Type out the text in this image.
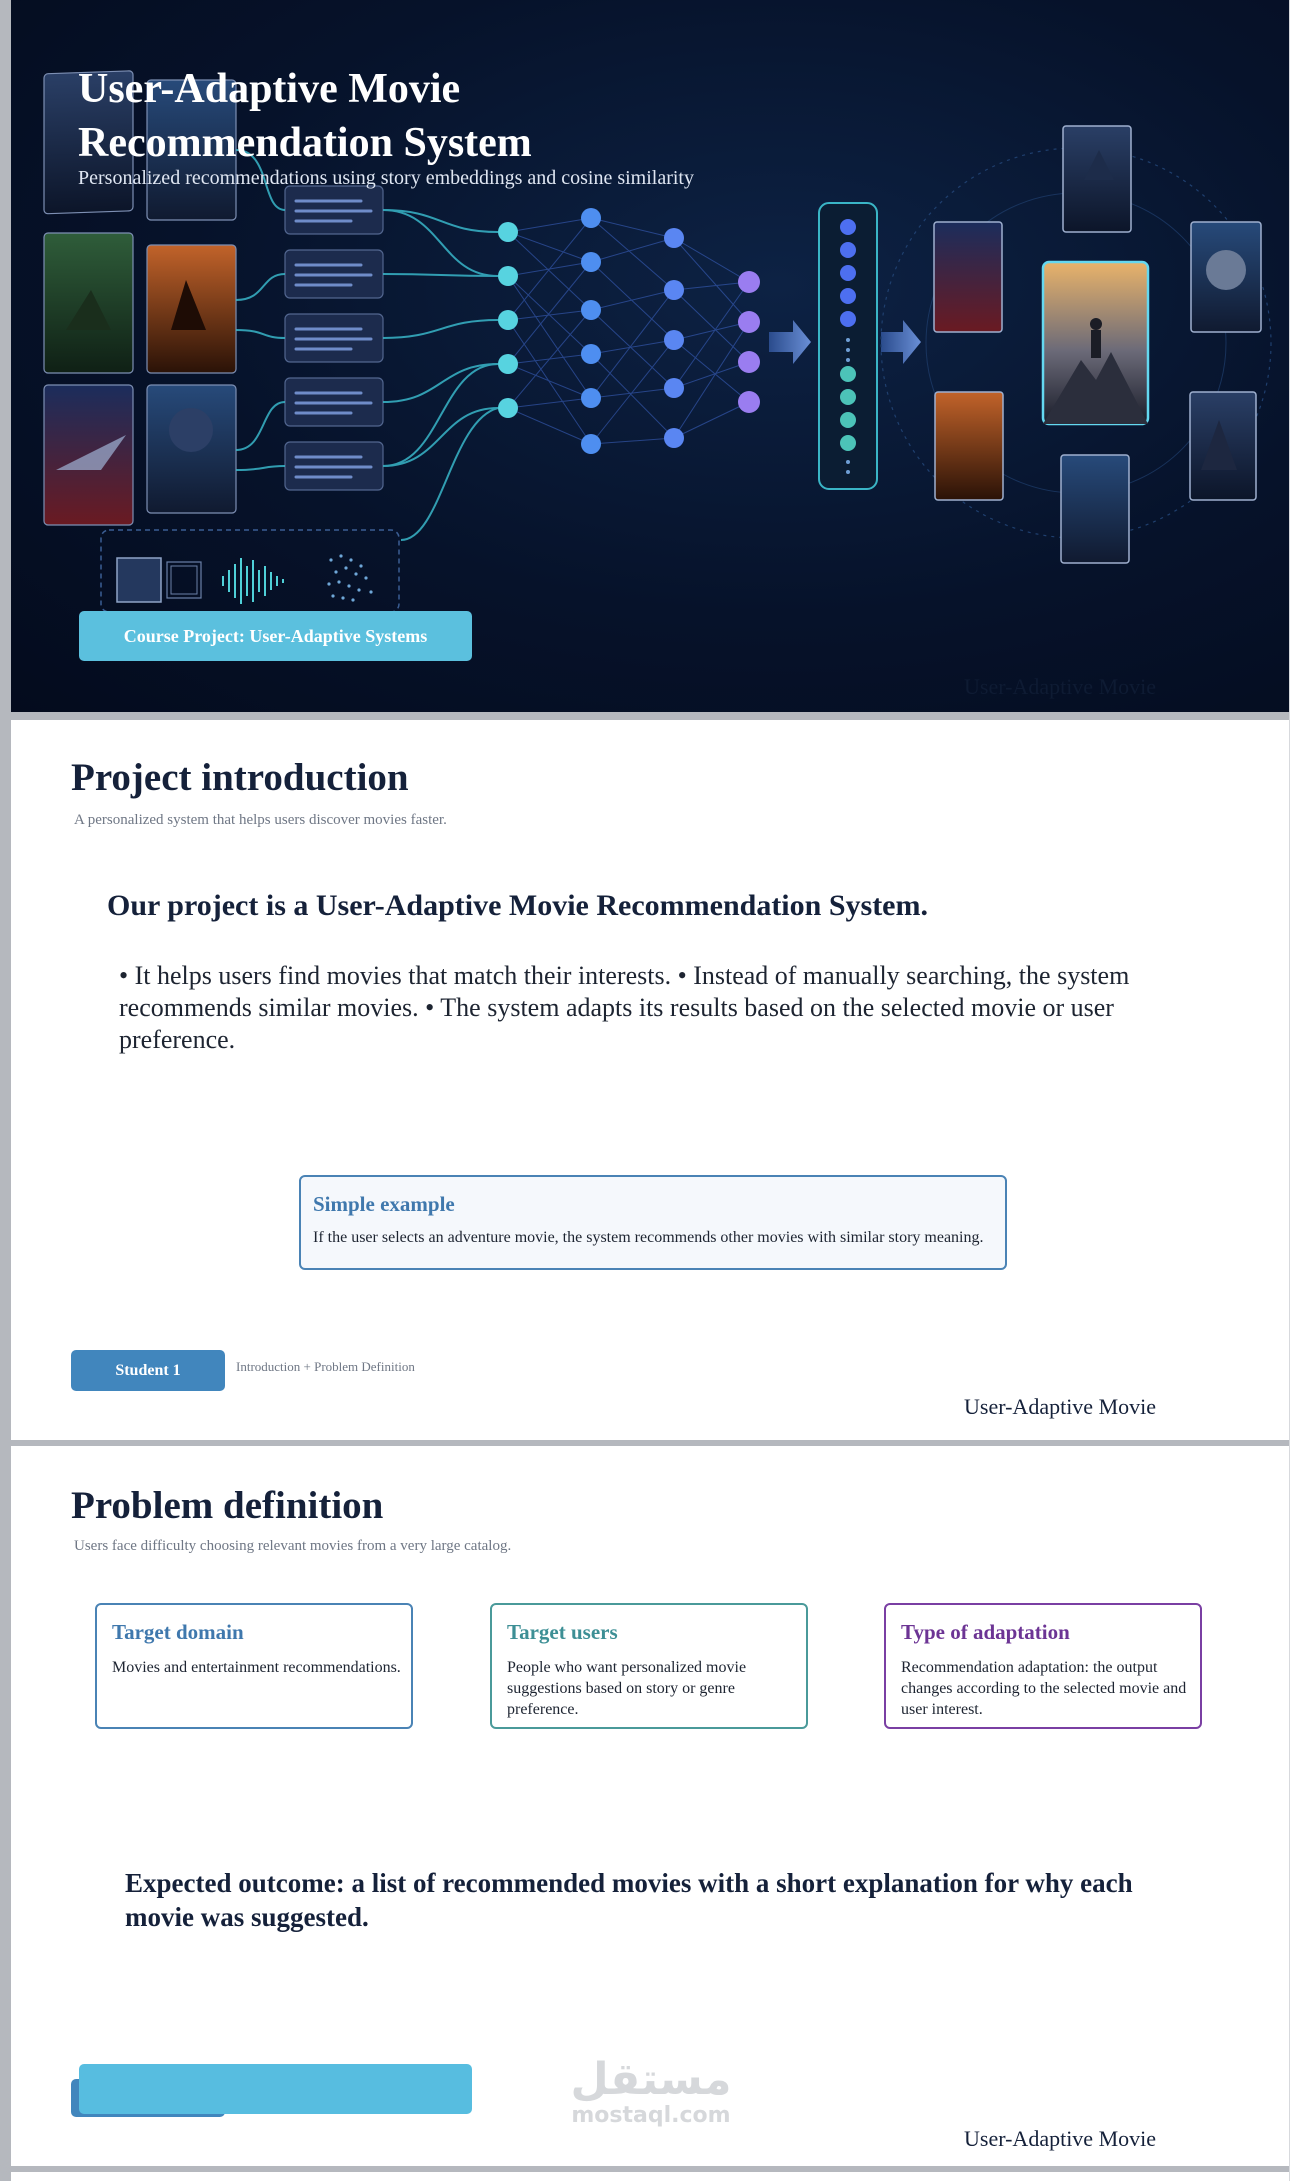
User-Adaptive Movie Recommendation System
Personalized recommendations using story embeddings and cosine similarity
Course Project: User-Adaptive Systems
User-Adaptive Movie
Project introduction
A personalized system that helps users discover movies faster.
Our project is a User-Adaptive Movie Recommendation System.
• It helps users find movies that match their interests. • Instead of manually searching, the system recommends similar movies. • The system adapts its results based on the selected movie or user preference.
Simple example
If the user selects an adventure movie, the system recommends other movies with similar story meaning.
Student 1	Introduction + Problem Definition
User-Adaptive Movie
Problem definition
Users face difficulty choosing relevant movies from a very large catalog.
Target domain
Movies and entertainment recommendations.
Target users
People who want personalized movie suggestions based on story or genre preference.
Type of adaptation
Recommendation adaptation: the output changes according to the selected movie and user interest.
Expected outcome: a list of recommended movies with a short explanation for why each movie was suggested.
مستقل
mostaql.com
User-Adaptive Movie
